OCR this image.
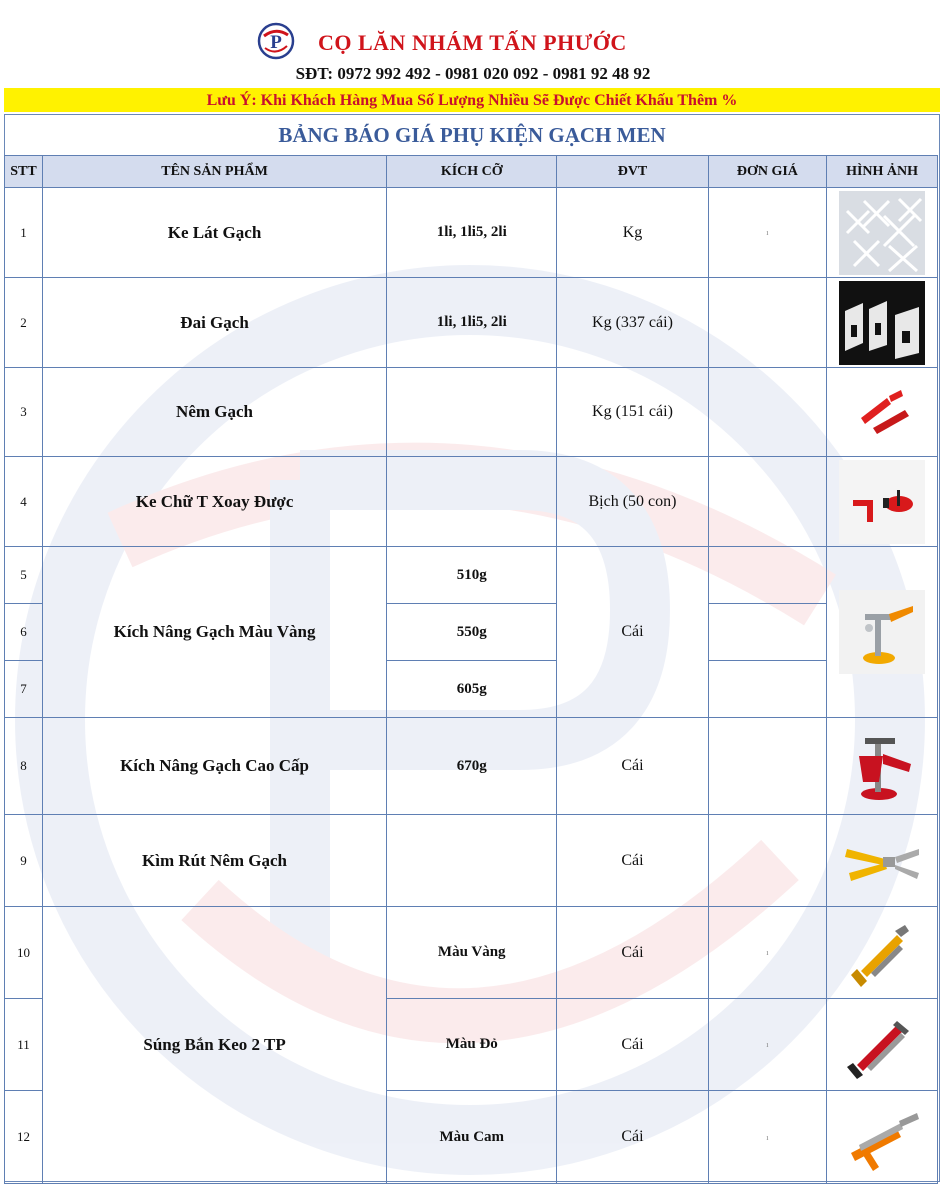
P CỌ LĂN NHÁM TẤN PHƯỚC
SĐT: 0972 992 492 - 0981 020 092 - 0981 92 48 92
Lưu Ý: Khi Khách Hàng Mua Số Lượng Nhiều Sẽ Được Chiết Khấu Thêm %
BẢNG BÁO GIÁ PHỤ KIỆN GẠCH MEN
STT	TÊN SẢN PHẨM	KÍCH CỠ	ĐVT	ĐƠN GIÁ	HÌNH ẢNH
1	Ke Lát Gạch	1li, 1li5, 2li	Kg	ı	

2	Đai Gạch	1li, 1li5, 2li	Kg (337 cái)		

3	Nêm Gạch		Kg (151 cái)		

4	Ke Chữ T Xoay Được		Bịch (50 con)		

5	Kích Nâng Gạch Màu Vàng	510g	Cái		

6		550g			
7		605g			
8	Kích Nâng Gạch Cao Cấp	670g	Cái		

9	Kìm Rút Nêm Gạch		Cái		

10	Súng Bắn Keo 2 TP	Màu Vàng	Cái	ı	

11		Màu Đỏ	Cái	ı	

12		Màu Cam	Cái	ı	
